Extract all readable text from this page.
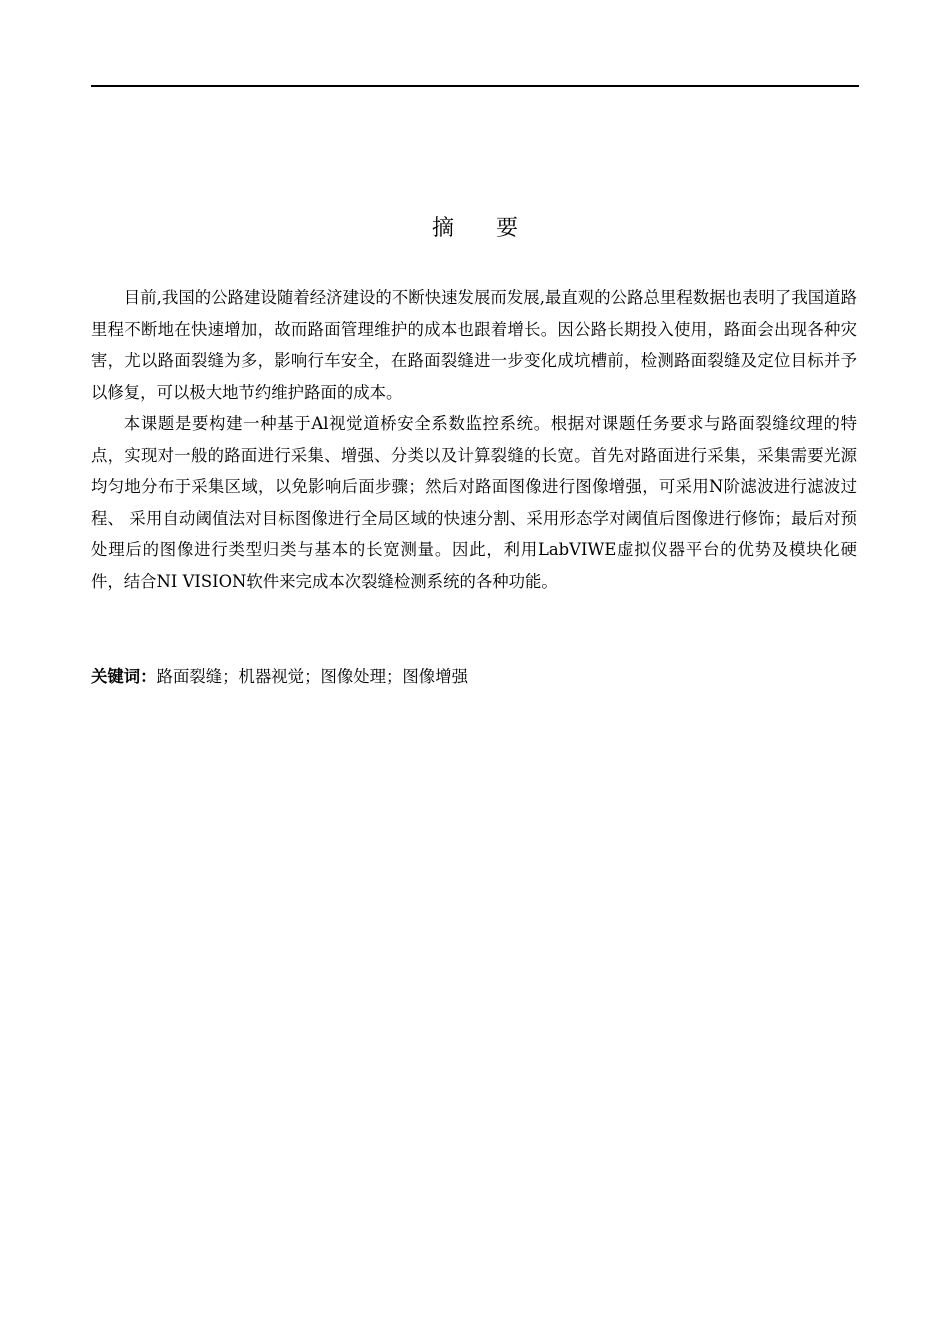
摘要

目前,我国的公路建设随着经济建设的不断快速发展而发展,最直观的公路总里程数据也表明了我国道路里程不断地在快速增加，故而路面管理维护的成本也跟着增长。因公路长期投入使用，路面会出现各种灾害，尤以路面裂缝为多，影响行车安全，在路面裂缝进一步变化成坑槽前，检测路面裂缝及定位目标并予以修复，可以极大地节约维护路面的成本。

本课题是要构建一种基于Al视觉道桥安全系数监控系统。根据对课题任务要求与路面裂缝纹理的特点，实现对一般的路面进行采集、增强、分类以及计算裂缝的长宽。首先对路面进行采集，采集需要光源均匀地分布于采集区域，以免影响后面步骤；然后对路面图像进行图像增强，可采用N阶滤波进行滤波过程、 采用自动阈值法对目标图像进行全局区域的快速分割、采用形态学对阈值后图像进行修饰；最后对预处理后的图像进行类型归类与基本的长宽测量。因此，利用LabVIWE虚拟仪器平台的优势及模块化硬件，结合NI VISION软件来完成本次裂缝检测系统的各种功能。

关键词：路面裂缝；机器视觉；图像处理；图像增强
